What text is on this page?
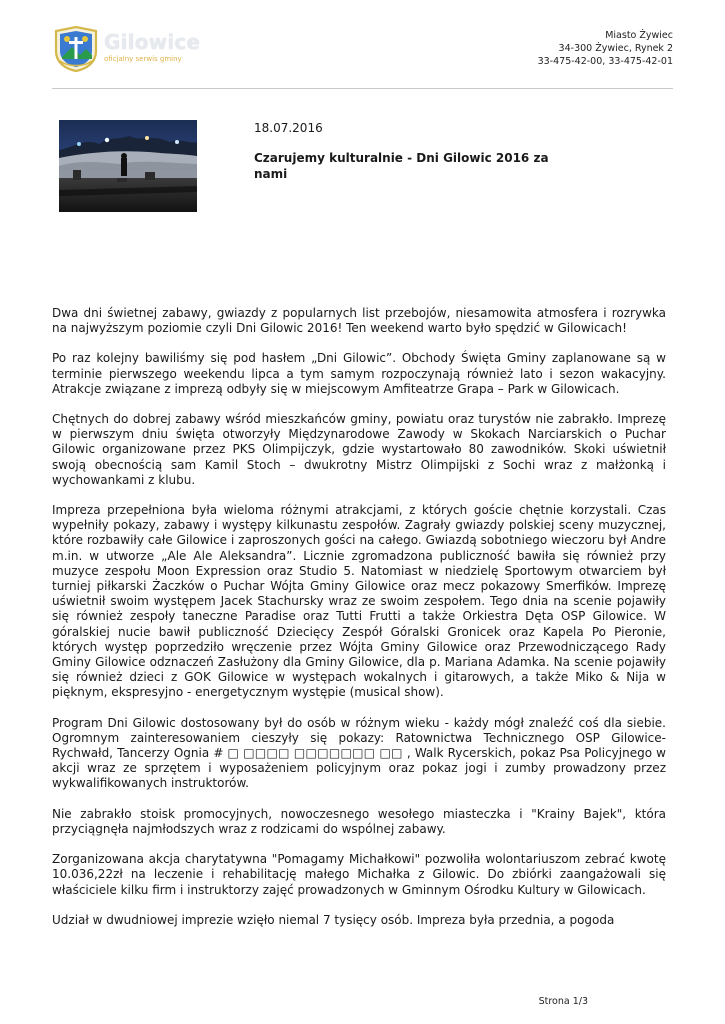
Gilowice
oficjalny serwis gminy
Miasto Żywiec
34-300 Żywiec, Rynek 2
33-475-42-00, 33-475-42-01
18.07.2016
Czarujemy kulturalnie - Dni Gilowic 2016 za nami

Dwa dni świetnej zabawy, gwiazdy z popularnych list przebojów, niesamowita atmosfera i rozrywka na najwyższym poziomie czyli Dni Gilowic 2016! Ten weekend warto było spędzić w Gilowicach!

Po raz kolejny bawiliśmy się pod hasłem „Dni Gilowic”. Obchody Święta Gminy zaplanowane są w terminie pierwszego weekendu lipca a tym samym rozpoczynają również lato i sezon wakacyjny. Atrakcje związane z imprezą odbyły się w miejscowym Amfiteatrze Grapa – Park w Gilowicach.

Chętnych do dobrej zabawy wśród mieszkańców gminy, powiatu oraz turystów nie zabrakło. Imprezę w pierwszym dniu święta otworzyły Międzynarodowe Zawody w Skokach Narciarskich o Puchar Gilowic organizowane przez PKS Olimpijczyk, gdzie wystartowało 80 zawodników. Skoki uświetnił swoją obecnością sam Kamil Stoch – dwukrotny Mistrz Olimpijski z Sochi wraz z małżonką i wychowankami z klubu.

Impreza przepełniona była wieloma różnymi atrakcjami, z których goście chętnie korzystali. Czas wypełniły pokazy, zabawy i występy kilkunastu zespołów. Zagrały gwiazdy polskiej sceny muzycznej, które rozbawiły całe Gilowice i zaproszonych gości na całego. Gwiazdą sobotniego wieczoru był Andre m.in. w utworze „Ale Ale Aleksandra”. Licznie zgromadzona publiczność bawiła się również przy muzyce zespołu Moon Expression oraz Studio 5. Natomiast w niedzielę Sportowym otwarciem był turniej piłkarski Żaczków o Puchar Wójta Gminy Gilowice oraz mecz pokazowy Smerfików. Imprezę uświetnił swoim występem Jacek Stachursky wraz ze swoim zespołem. Tego dnia na scenie pojawiły się również zespoły taneczne Paradise oraz Tutti Frutti a także Orkiestra Dęta OSP Gilowice. W góralskiej nucie bawił publiczność Dziecięcy Zespół Góralski Gronicek oraz Kapela Po Pieronie, których występ poprzedziło wręczenie przez Wójta Gminy Gilowice oraz Przewodniczącego Rady Gminy Gilowice odznaczeń Zasłużony dla Gminy Gilowice, dla p. Mariana Adamka. Na scenie pojawiły się również dzieci z GOK Gilowice w występach wokalnych i gitarowych, a także Miko & Nija w pięknym, ekspresyjno - energetycznym występie (musical show).

Program Dni Gilowic dostosowany był do osób w różnym wieku - każdy mógł znaleźć coś dla siebie. Ogromnym zainteresowaniem cieszyły się pokazy: Ratownictwa Technicznego OSP Gilowice-Rychwałd, Tancerzy Ognia # □ □□□□ □□□□□□□ □□ , Walk Rycerskich, pokaz Psa Policyjnego w akcji wraz ze sprzętem i wyposażeniem policyjnym oraz pokaz jogi i zumby prowadzony przez wykwalifikowanych instruktorów.

Nie zabrakło stoisk promocyjnych, nowoczesnego wesołego miasteczka i "Krainy Bajek", która przyciągnęła najmłodszych wraz z rodzicami do wspólnej zabawy.

Zorganizowana akcja charytatywna "Pomagamy Michałkowi" pozwoliła wolontariuszom zebrać kwotę 10.036,22zł na leczenie i rehabilitację małego Michałka z Gilowic. Do zbiórki zaangażowali się właściciele kilku firm i instruktorzy zajęć prowadzonych w Gminnym Ośrodku Kultury w Gilowicach.

Udział w dwudniowej imprezie wzięło niemal 7 tysięcy osób. Impreza była przednia, a pogoda

Strona 1/3
